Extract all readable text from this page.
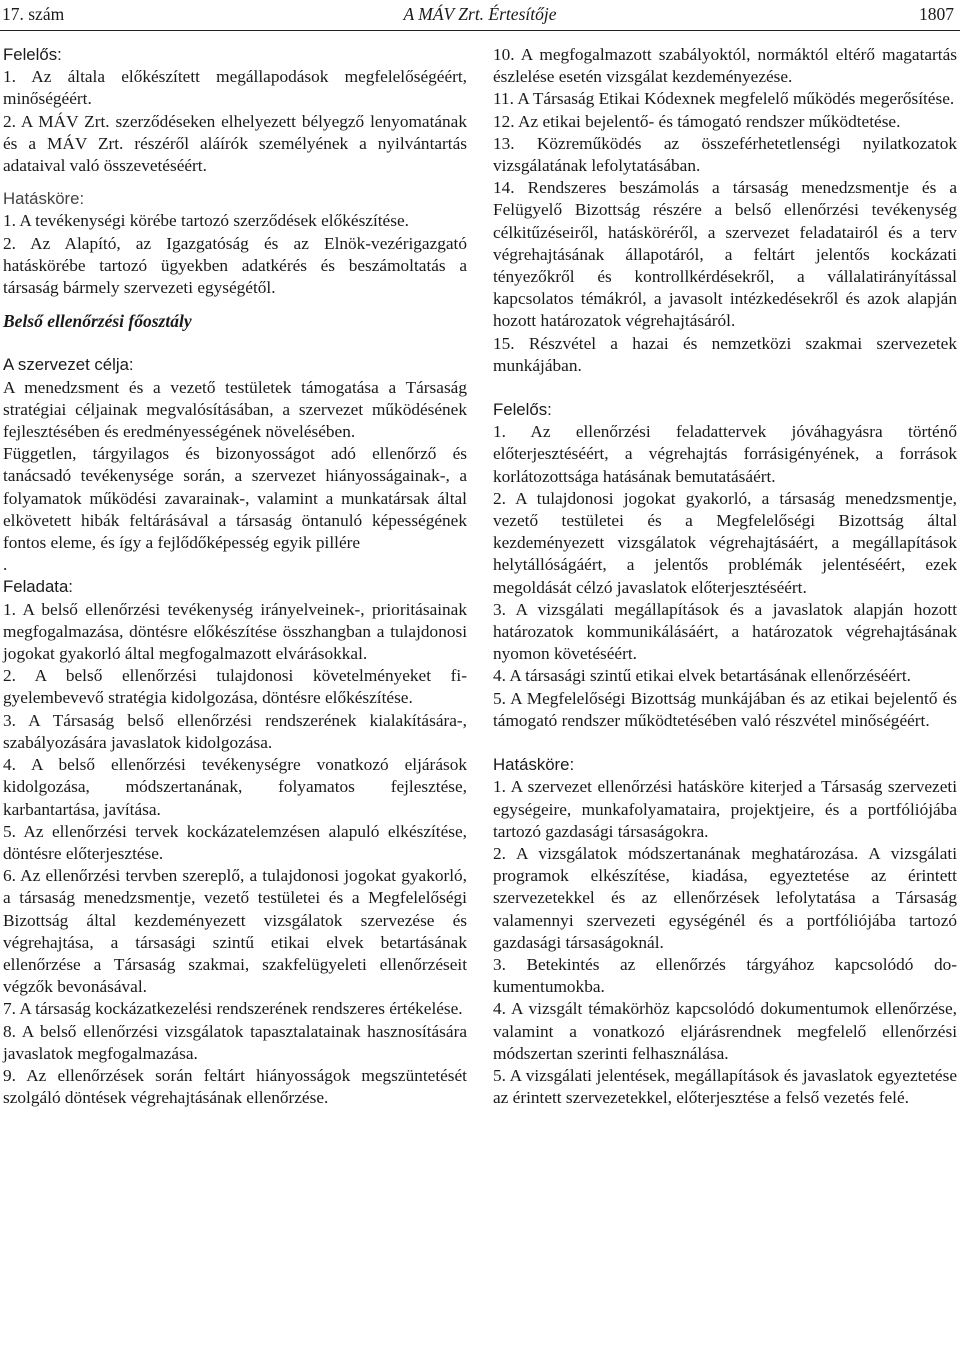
17. szám	A MÁV Zrt. Értesítője	1807
Felelős:

1. Az általa előkészített megállapodások megfelelőségéért, minőségéért.

2. A MÁV Zrt. szerződéseken elhelyezett bélyegző lenyomatának és a MÁV Zrt. részéről aláírók személyének a nyilvántartás adataival való összevetéséért.

Hatásköre:

1. A tevékenységi körébe tartozó szerződések előkészítése.

2. Az Alapító, az Igazgatóság és az Elnök-vezérigazgató hatáskörébe tartozó ügyekben adatkérés és beszámoltatás a társaság bármely szervezeti egységétől.

Belső ellenőrzési főosztály
A szervezet célja:

A menedzsment és a vezető testületek támogatása a Társaság stratégiai céljainak megvalósításában, a szervezet működésének fejlesztésében és eredményességének növelésében.

Független, tárgyilagos és bizonyosságot adó ellenőrző és tanácsadó tevékenysége során, a szervezet hiányosságainak-, a folyamatok működési zavarainak-, valamint a munkatársak által elkövetett hibák feltárásával a társaság öntanuló képességének fontos eleme, és így a fejlődőképesség egyik pillére

.

Feladata:

1. A belső ellenőrzési tevékenység irányelveinek-, prioritásainak megfogalmazása, döntésre előkészítése összhangban a tulajdonosi jogokat gyakorló által megfogalmazott elvárásokkal.

2. A belső ellenőrzési tulajdonosi követelményeket figyelembevevő stratégia kidolgozása, döntésre előkészítése.

3. A Társaság belső ellenőrzési rendszerének kialakítására-, szabályozására javaslatok kidolgozása.

4. A belső ellenőrzési tevékenységre vonatkozó eljárások kidolgozása, módszertanának, folyamatos fejlesztése, karbantartása, javítása.

5. Az ellenőrzési tervek kockázatelemzésen alapuló elkészítése, döntésre előterjesztése.

6. Az ellenőrzési tervben szereplő, a tulajdonosi jogokat gyakorló, a társaság menedzsmentje, vezető testületei és a Megfelelőségi Bizottság által kezdeményezett vizsgálatok szervezése és végrehajtása, a társasági szintű etikai elvek betartásának ellenőrzése a Társaság szakmai, szakfelügyeleti ellenőrzéseit végzők bevonásával.

7. A társaság kockázatkezelési rendszerének rendszeres értékelése.

8. A belső ellenőrzési vizsgálatok tapasztalatainak hasznosítására javaslatok megfogalmazása.

9. Az ellenőrzések során feltárt hiányosságok megszüntetését szolgáló döntések végrehajtásának ellenőrzése.

10. A megfogalmazott szabályoktól, normáktól eltérő magatartás észlelése esetén vizsgálat kezdeményezése.

11. A Társaság Etikai Kódexnek megfelelő működés megerősítése.

12. Az etikai bejelentő- és támogató rendszer működtetése.

13. Közreműködés az összeférhetetlenségi nyilatkozatok vizsgálatának lefolytatásában.

14. Rendszeres beszámolás a társaság menedzsmentje és a Felügyelő Bizottság részére a belső ellenőrzési tevékenység célkitűzéseiről, hatásköréről, a szervezet feladatairól és a terv végrehajtásának állapotáról, a feltárt jelentős kockázati tényezőkről és kontrollkérdésekről, a vállalatirányítással kapcsolatos témákról, a javasolt intézkedésekről és azok alapján hozott határozatok végrehajtásáról.

15. Részvétel a hazai és nemzetközi szakmai szervezetek munkájában.

Felelős:

1. Az ellenőrzési feladattervek jóváhagyásra történő előterjesztéséért, a végrehajtás forrásigényének, a források korlátozottsága hatásának bemutatásáért.

2. A tulajdonosi jogokat gyakorló, a társaság menedzsmentje, vezető testületei és a Megfelelőségi Bizottság által kezdeményezett vizsgálatok végrehajtásáért, a megállapítások helytállóságáért, a jelentős problémák jelentéséért, ezek megoldását célzó javaslatok előterjesztéséért.

3. A vizsgálati megállapítások és a javaslatok alapján hozott határozatok kommunikálásáért, a határozatok végrehajtásának nyomon követéséért.

4. A társasági szintű etikai elvek betartásának ellenőrzéséért.

5. A Megfelelőségi Bizottság munkájában és az etikai bejelentő és támogató rendszer működtetésében való részvétel minőségéért.

Hatásköre:

1. A szervezet ellenőrzési hatásköre kiterjed a Társaság szervezeti egységeire, munkafolyamataira, projektjeire, és a portfóliójába tartozó gazdasági társaságokra.

2. A vizsgálatok módszertanának meghatározása. A vizsgálati programok elkészítése, kiadása, egyeztetése az érintett szervezetekkel és az ellenőrzések lefolytatása a Társaság valamennyi szervezeti egységénél és a portfóliójába tartozó gazdasági társaságoknál.

3. Betekintés az ellenőrzés tárgyához kapcsolódó dokumentumokba.

4. A vizsgált témakörhöz kapcsolódó dokumentumok ellenőrzése, valamint a vonatkozó eljárásrendnek megfelelő ellenőrzési módszertan szerinti felhasználása.

5. A vizsgálati jelentések, megállapítások és javaslatok egyeztetése az érintett szervezetekkel, előterjesztése a felső vezetés felé.
